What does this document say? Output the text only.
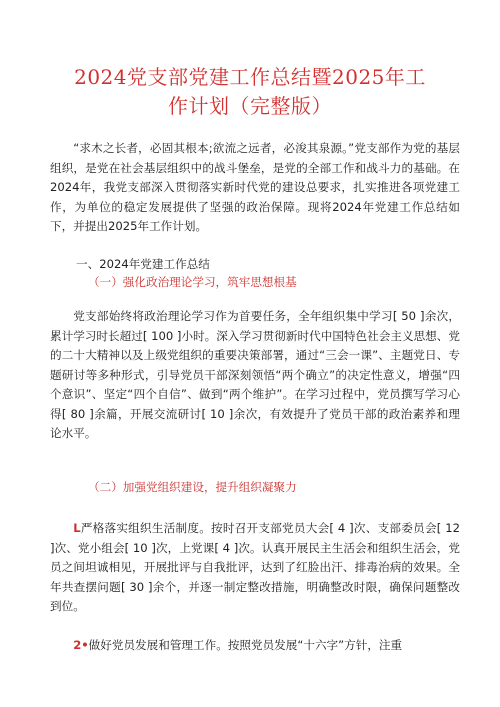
2024党支部党建工作总结暨2025年工
作计划（完整版）

“求木之长者，必固其根本;欲流之远者，必浚其泉源。”党支部作为党的基层组织，是党在社会基层组织中的战斗堡垒，是党的全部工作和战斗力的基础。在2024年，我党支部深入贯彻落实新时代党的建设总要求，扎实推进各项党建工作，为单位的稳定发展提供了坚强的政治保障。现将2024年党建工作总结如下，并提出2025年工作计划。

一、2024年党建工作总结
（一）强化政治理论学习，筑牢思想根基

党支部始终将政治理论学习作为首要任务，全年组织集中学习[ 50 ]余次，累计学习时长超过[ 100 ]小时。深入学习贯彻新时代中国特色社会主义思想、党的二十大精神以及上级党组织的重要决策部署，通过“三会一课”、主题党日、专题研讨等多种形式，引导党员干部深刻领悟“两个确立”的决定性意义，增强“四个意识”、坚定“四个自信”、做到“两个维护”。在学习过程中，党员撰写学习心得[ 80 ]余篇，开展交流研讨[ 10 ]余次，有效提升了党员干部的政治素养和理论水平。

（二）加强党组织建设，提升组织凝聚力

L严格落实组织生活制度。按时召开支部党员大会[ 4 ]次、支部委员会[ 12 ]次、党小组会[ 10 ]次，上党课[ 4 ]次。认真开展民主生活会和组织生活会，党员之间坦诚相见，开展批评与自我批评，达到了红脸出汗、排毒治病的效果。全年共查摆问题[ 30 ]余个，并逐一制定整改措施，明确整改时限，确保问题整改到位。

2•做好党员发展和管理工作。按照党员发展“十六字”方针，注重
